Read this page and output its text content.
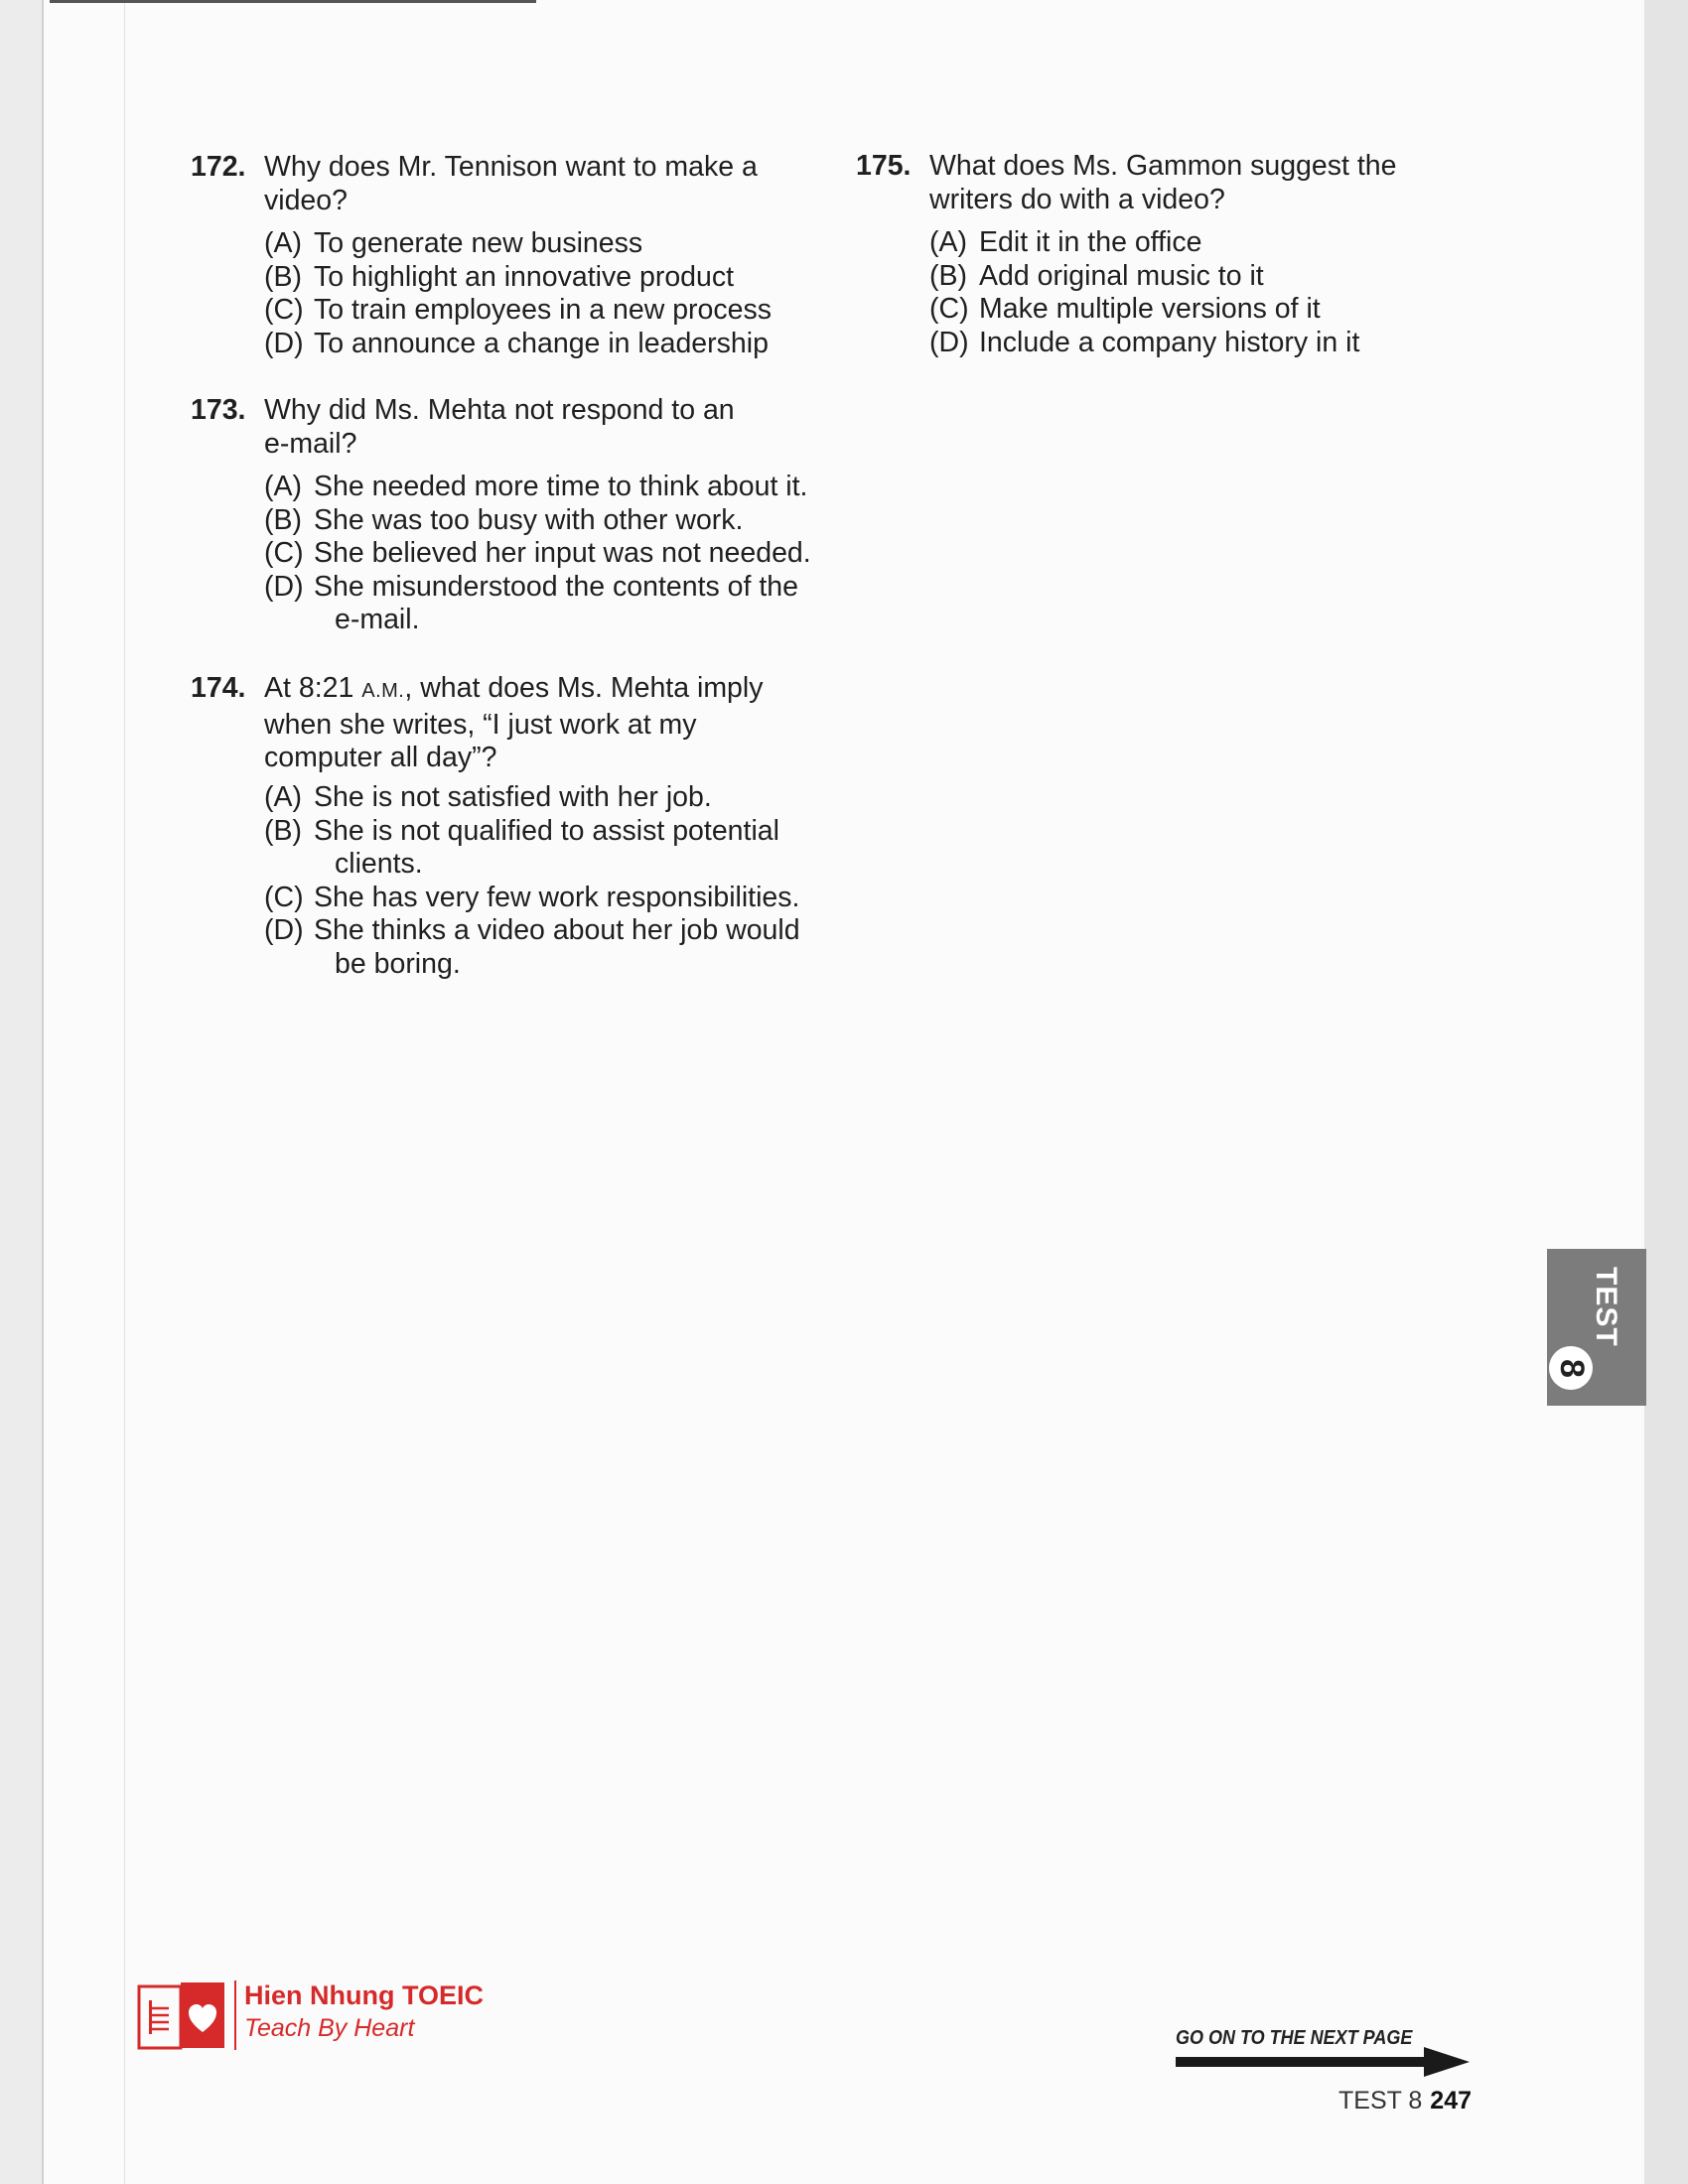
172. Why does Mr. Tennison want to make a
video?
(A) To generate new business
(B) To highlight an innovative product
(C) To train employees in a new process
(D) To announce a change in leadership
173. Why did Ms. Mehta not respond to an
e-mail?
(A) She needed more time to think about it.
(B) She was too busy with other work.
(C) She believed her input was not needed.
(D) She misunderstood the contents of the
e-mail.
174. At 8:21 A.M., what does Ms. Mehta imply
when she writes, “I just work at my
computer all day”?
(A) She is not satisfied with her job.
(B) She is not qualified to assist potential
clients.
(C) She has very few work responsibilities.
(D) She thinks a video about her job would
be boring.
175. What does Ms. Gammon suggest the
writers do with a video?
(A) Edit it in the office
(B) Add original music to it
(C) Make multiple versions of it
(D) Include a company history in it
TEST
8
Hien Nhung TOEIC
Teach By Heart	GO ON TO THE NEXT PAGE
TEST 8 247
